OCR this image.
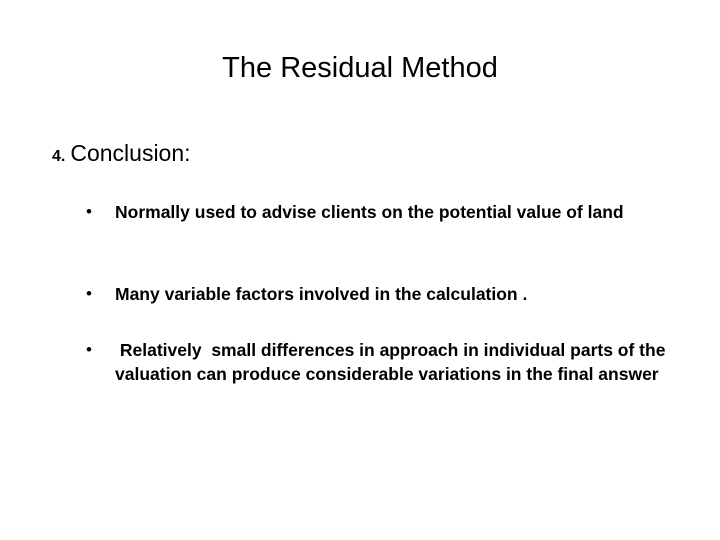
The Residual Method
4. Conclusion:
• Normally used to advise clients on the potential value of land
• Many variable factors involved in the calculation .
• Relatively  small differences in approach in individual parts of the  valuation can produce considerable variations in the final answer
